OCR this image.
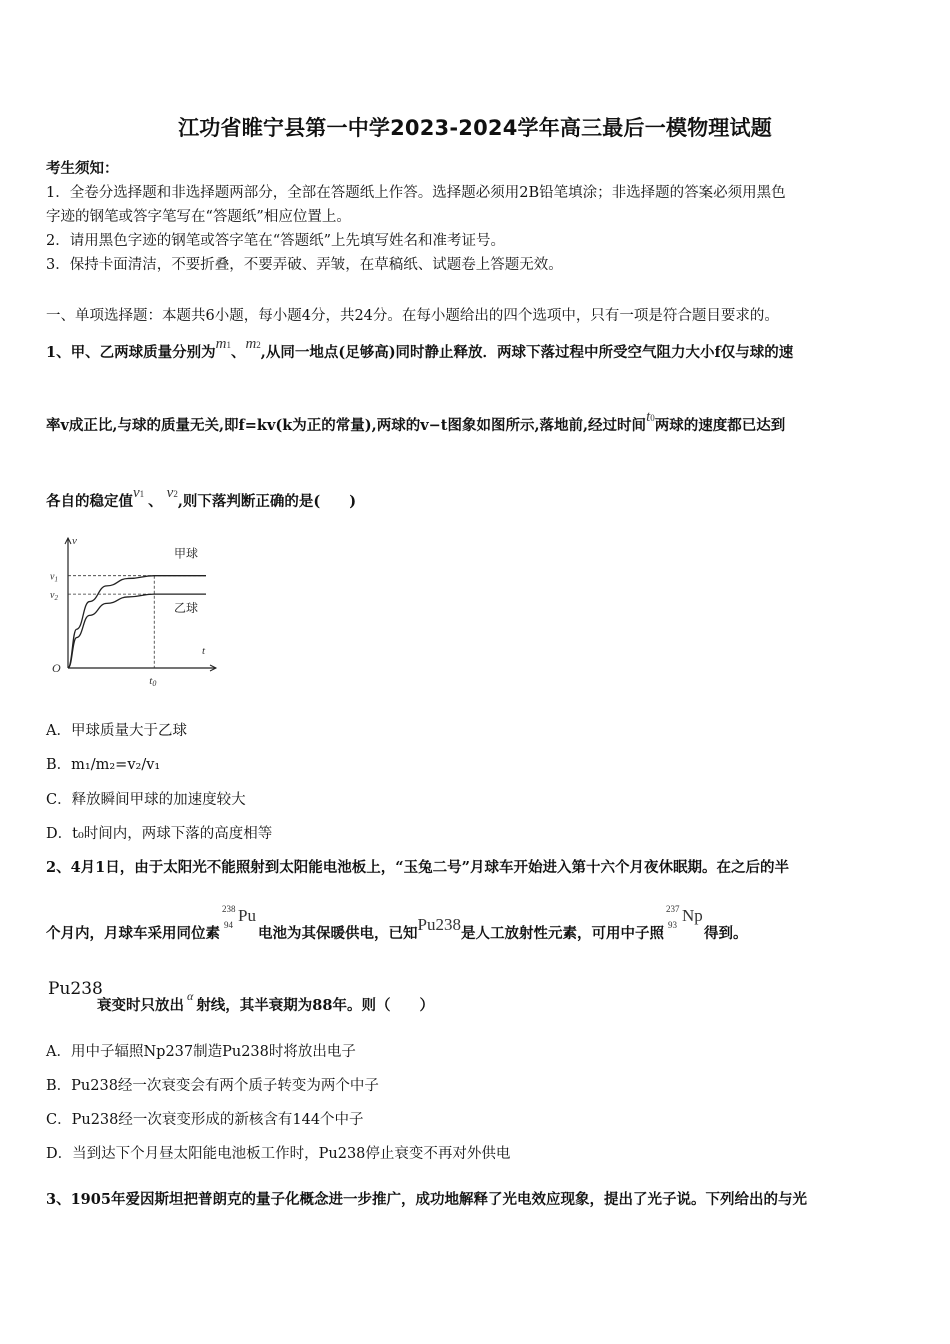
江功省睢宁县第一中学2023-2024学年高三最后一模物理试题
考生须知：
1．全卷分选择题和非选择题两部分，全部在答题纸上作答。选择题必须用2B铅笔填涂；非选择题的答案必须用黑色
字迹的钢笔或答字笔写在“答题纸”相应位置上。
2．请用黑色字迹的钢笔或答字笔在“答题纸”上先填写姓名和准考证号。
3．保持卡面清洁，不要折叠，不要弄破、弄皱，在草稿纸、试题卷上答题无效。
一、单项选择题：本题共6小题，每小题4分，共24分。在每小题给出的四个选项中，只有一项是符合题目要求的。
1、甲、乙两球质量分别为m1、m2,从同一地点(足够高)同时静止释放．两球下落过程中所受空气阻力大小f仅与球的速
率v成正比,与球的质量无关,即f=kv(k为正的常量),两球的v−t图象如图所示,落地前,经过时间t0两球的速度都已达到
各自的稳定值v1 、 v2,则下落判断正确的是(　　)
v
t
O
$v_1$
$v_2$
t0
甲球
乙球
A．甲球质量大于乙球
B．m₁/m₂=v₂/v₁
C．释放瞬间甲球的加速度较大
D．t₀时间内，两球下落的高度相等
2、4月1日，由于太阳光不能照射到太阳能电池板上，“玉兔二号”月球车开始进入第十六个月夜休眠期。在之后的半
个月内，月球车采用同位素
238
94 Pu
电池为其保暖供电，已知Pu238是人工放射性元素，可用中子照
237
93 Np
得到。
Pu238
衰变时只放出$^\alpha$射线，其半衰期为88年。则（　　）
A．用中子辐照Np237制造Pu238时将放出电子
B．Pu238经一次衰变会有两个质子转变为两个中子
C．Pu238经一次衰变形成的新核含有144个中子
D．当到达下个月昼太阳能电池板工作时，Pu238停止衰变不再对外供电
3、1905年爱因斯坦把普朗克的量子化概念进一步推广，成功地解释了光电效应现象，提出了光子说。下列给出的与光
